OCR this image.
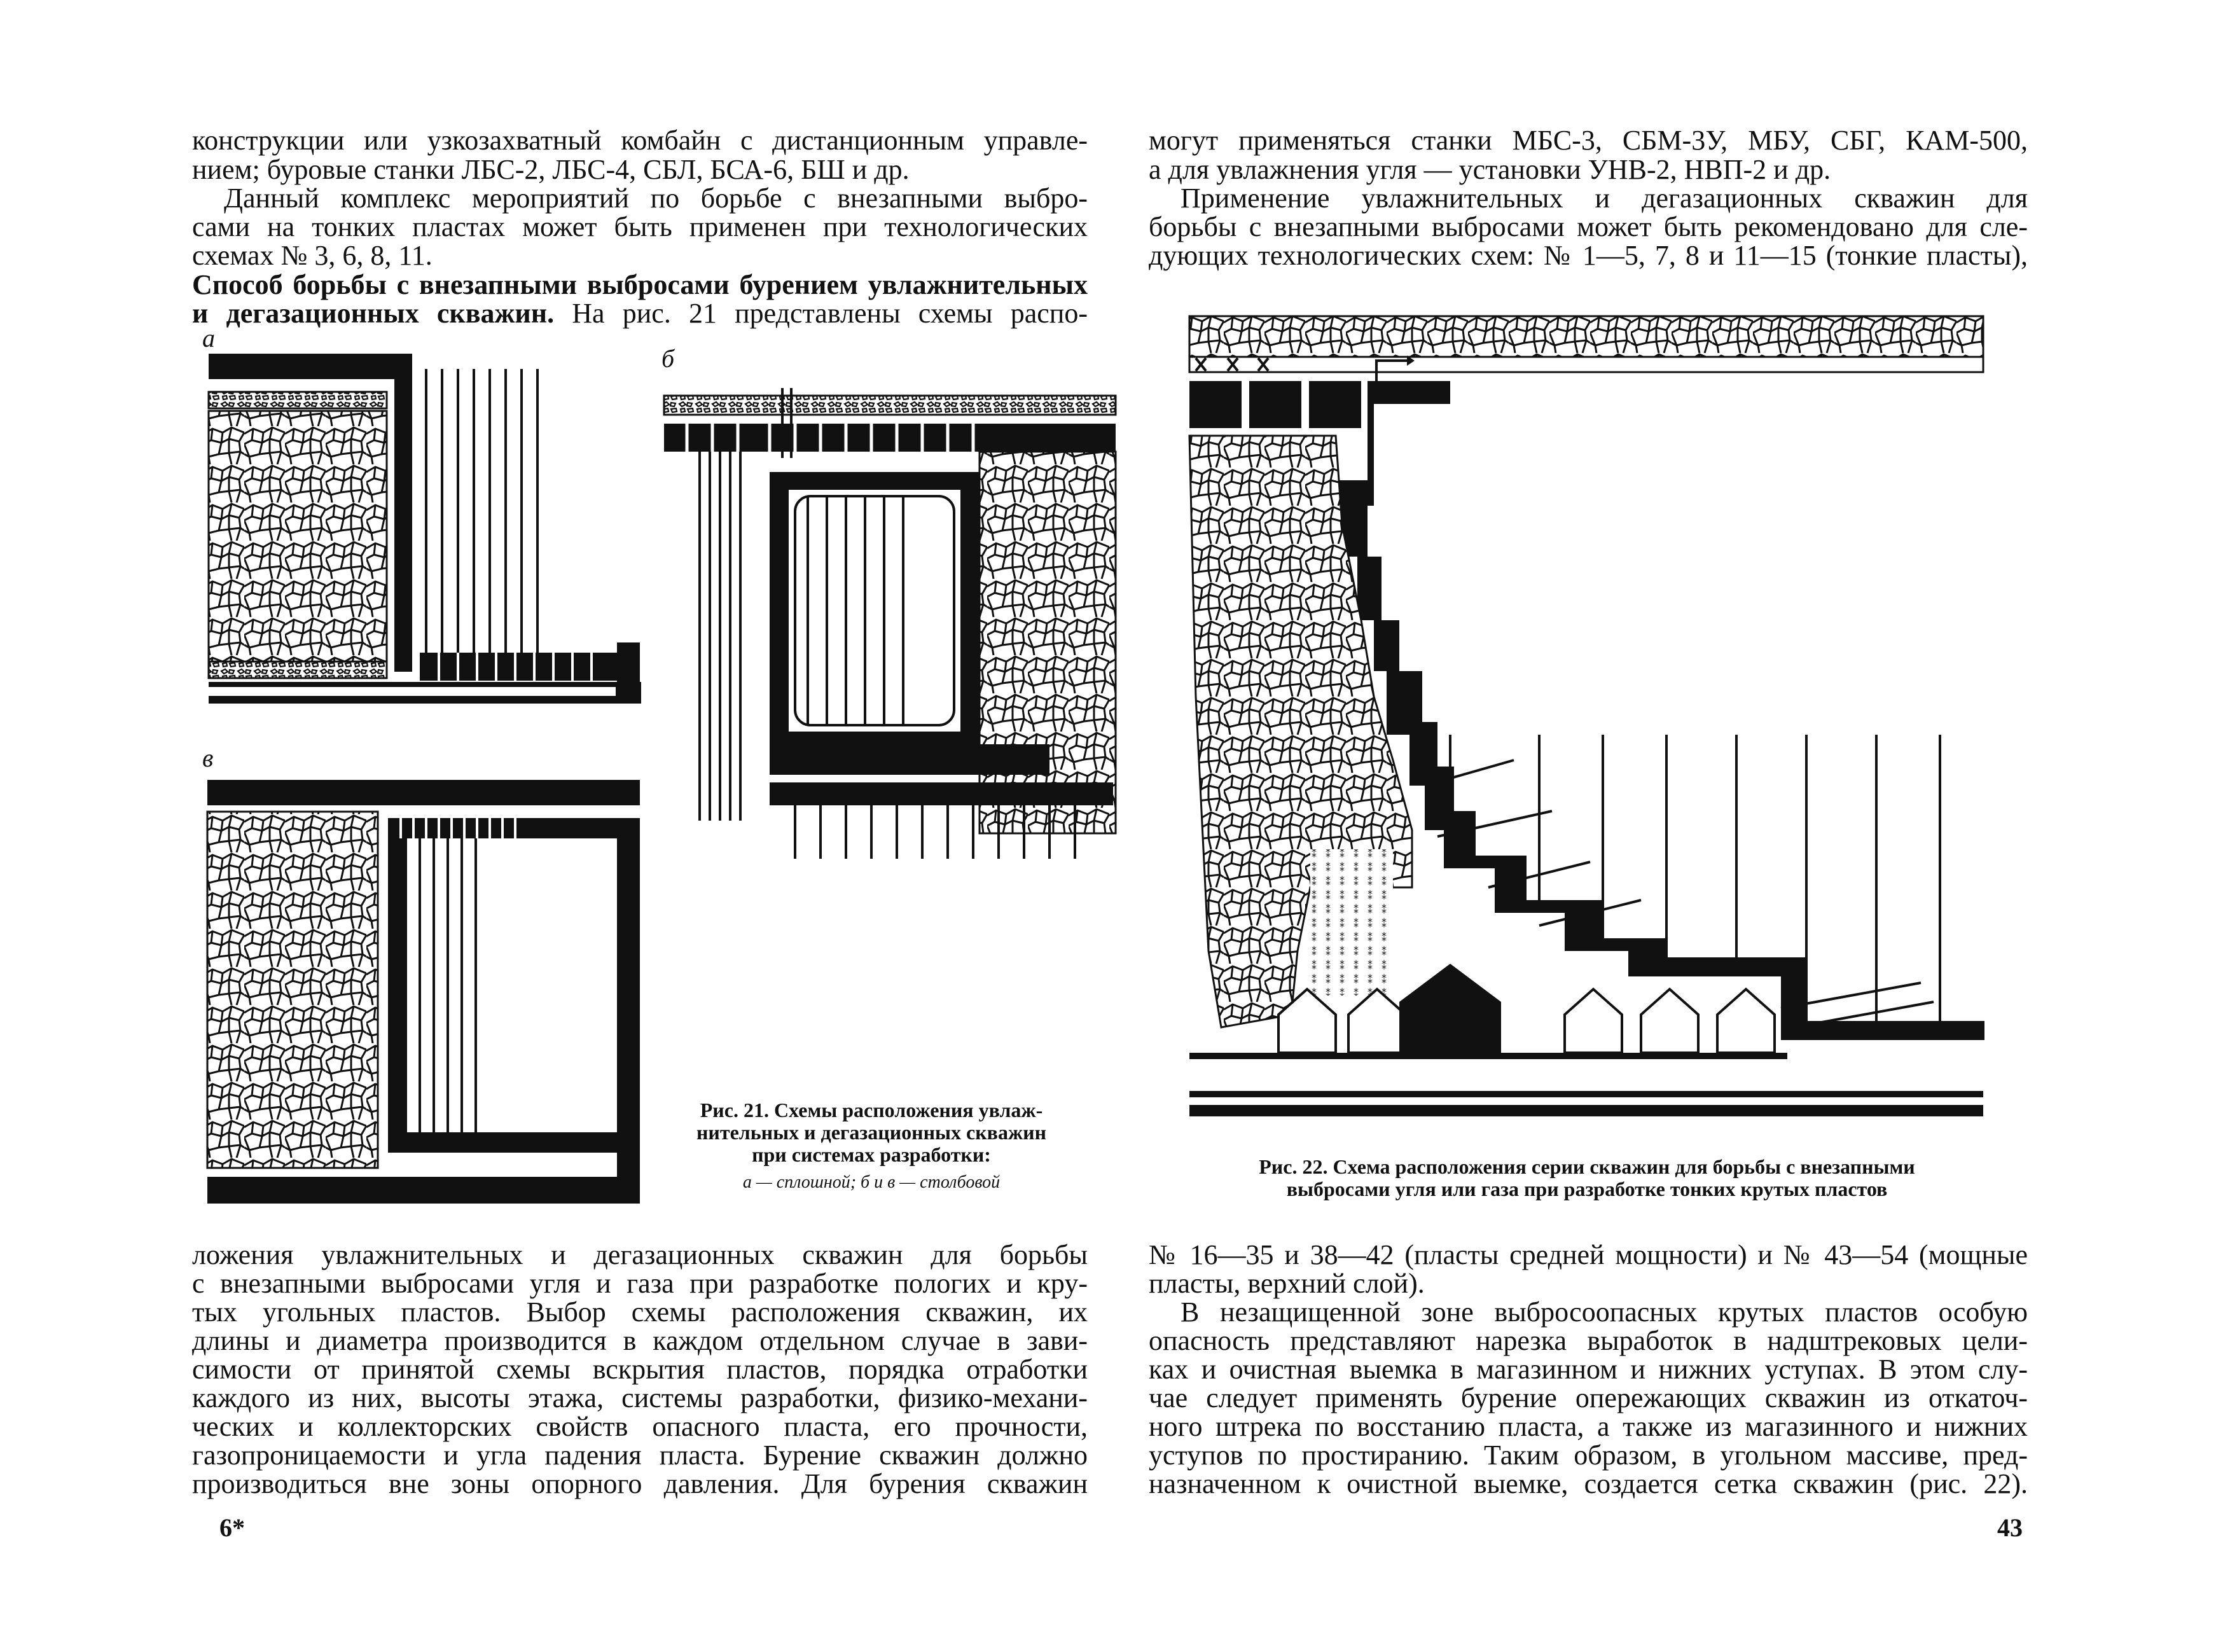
конструкции или узкозахватный комбайн с дистанционным управле-
нием; буровые станки ЛБС-2, ЛБС-4, СБЛ, БСА-6, БШ и др.
Данный комплекс мероприятий по борьбе с внезапными выбро-
сами на тонких пластах может быть применен при технологических
схемах № 3, 6, 8, 11.
Способ борьбы с внезапными выбросами бурением увлажнительных
и дегазационных скважин. На рис. 21 представлены схемы распо-
а
б
в
Рис. 21. Схемы расположения увлаж-
нительных и дегазационных скважин
при системах разработки:
а — сплошной; б и в — столбовой
ложения увлажнительных и дегазационных скважин для борьбы
с внезапными выбросами угля и газа при разработке пологих и кру-
тых угольных пластов. Выбор схемы расположения скважин, их
длины и диаметра производится в каждом отдельном случае в зави-
симости от принятой схемы вскрытия пластов, порядка отработки
каждого из них, высоты этажа, системы разработки, физико-механи-
ческих и коллекторских свойств опасного пласта, его прочности,
газопроницаемости и угла падения пласта. Бурение скважин должно
производиться вне зоны опорного давления. Для бурения скважин
6*
могут применяться станки МБС-3, СБМ-3У, МБУ, СБГ, КАМ-500,
а для увлажнения угля — установки УНВ-2, НВП-2 и др.
Применение увлажнительных и дегазационных скважин для
борьбы с внезапными выбросами может быть рекомендовано для сле-
дующих технологических схем: № 1—5, 7, 8 и 11—15 (тонкие пласты),
Рис. 22. Схема расположения серии скважин для борьбы с внезапными
выбросами угля или газа при разработке тонких крутых пластов
№ 16—35 и 38—42 (пласты средней мощности) и № 43—54 (мощные
пласты, верхний слой).
В незащищенной зоне выбросоопасных крутых пластов особую
опасность представляют нарезка выработок в надштрековых цели-
ках и очистная выемка в магазинном и нижних уступах. В этом слу-
чае следует применять бурение опережающих скважин из откаточ-
ного штрека по восстанию пласта, а также из магазинного и нижних
уступов по простиранию. Таким образом, в угольном массиве, пред-
назначенном к очистной выемке, создается сетка скважин (рис. 22).
43
